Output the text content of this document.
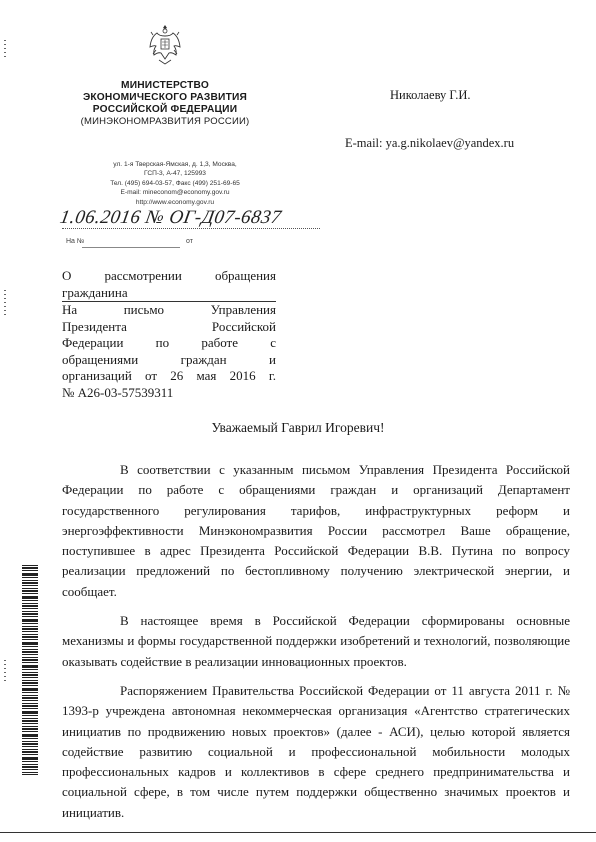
МИНИСТЕРСТВО
ЭКОНОМИЧЕСКОГО РАЗВИТИЯ
РОССИЙСКОЙ ФЕДЕРАЦИИ
(МИНЭКОНОМРАЗВИТИЯ РОССИИ)
ул. 1-я Тверская-Ямская, д. 1,3, Москва,
ГСП-3, А-47, 125993
Тел. (495) 694-03-57, Факс (499) 251-69-65
E-mail: mineconom@economy.gov.ru
http://www.economy.gov.ru
1.06.2016 № ОГ-Д07-6837
На №	от
Николаеву Г.И.
E-mail: ya.g.nikolaev@yandex.ru

О рассмотрении обращения

гражданина

На письмо Управления

Президента Российской

Федерации по работе с

обращениями граждан и

организаций от 26 мая 2016 г.

№ А26-03-57539311

Уважаемый Гаврил Игоревич!

В соответствии с указанным письмом Управления Президента Российской Федерации по работе с обращениями граждан и организаций Департамент государственного регулирования тарифов, инфраструктурных реформ и энергоэффективности Минэкономразвития России рассмотрел Ваше обращение, поступившее в адрес Президента Российской Федерации В.В. Путина по вопросу реализации предложений по бестопливному получению электрической энергии, и сообщает.

В настоящее время в Российской Федерации сформированы основные механизмы и формы государственной поддержки изобретений и технологий, позволяющие оказывать содействие в реализации инновационных проектов.

Распоряжением Правительства Российской Федерации от 11 августа 2011 г. № 1393-р учреждена автономная некоммерческая организация «Агентство стратегических инициатив по продвижению новых проектов» (далее - АСИ), целью которой является содействие развитию социальной и профессиональной мобильности молодых профессиональных кадров и коллективов в сфере среднего предпринимательства и социальной сфере, в том числе путем поддержки общественно значимых проектов и инициатив.
